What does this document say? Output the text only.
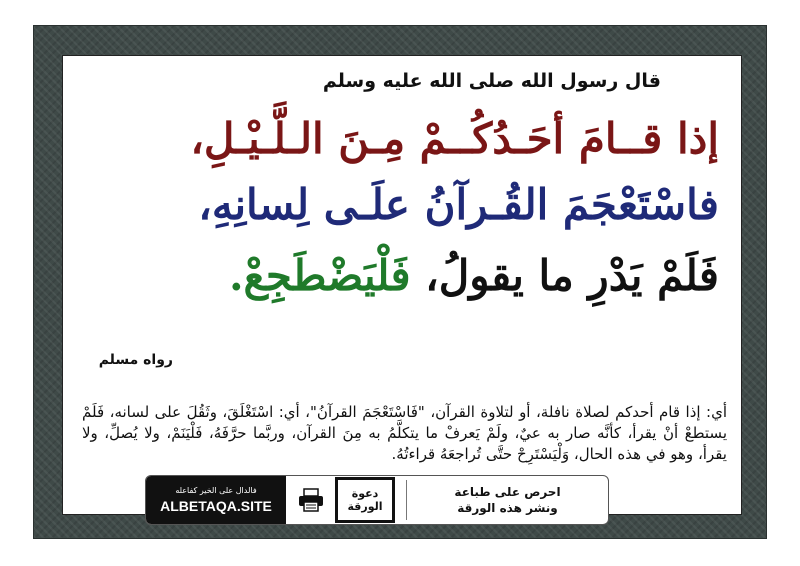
قال رسول الله صلى الله عليه وسلم

إذا قــامَ أحَـدُكُــمْ مِـنَ الـلَّـيْـلِ،

فاسْتَعْجَمَ القُـرآنُ علَـى لِسانِهِ،

فَلَمْ يَدْرِ ما يقولُ، فَلْيَضْطَجِعْ.

رواه مسلم

أي: إذا قام أحدكم لصلاة نافلة، أو لتلاوة القرآن، "فَاسْتَعْجَمَ القرآنُ"، أي: اسْتَغْلَقَ، وثَقُلَ على لسانه، فَلَمْ يستطعْ أنْ يقرأ، كأنَّه صار به عيٌ، ولَمْ يَعرفْ ما يتكلَّمُ به مِنَ القرآن، وربَّما حرَّفَهُ، فَلْيَنَمْ، ولا يُصلِّ، ولا يقرأ، وهو في هذه الحال، وَلْيَسْتَرِحْ حتَّى تُراجعَهُ قراءتُهُ.

فالدال على الخير كفاعله
ALBETAQA.SITE
دعوة الورقة
احرص على طباعة
ونشر هذه الورقة
